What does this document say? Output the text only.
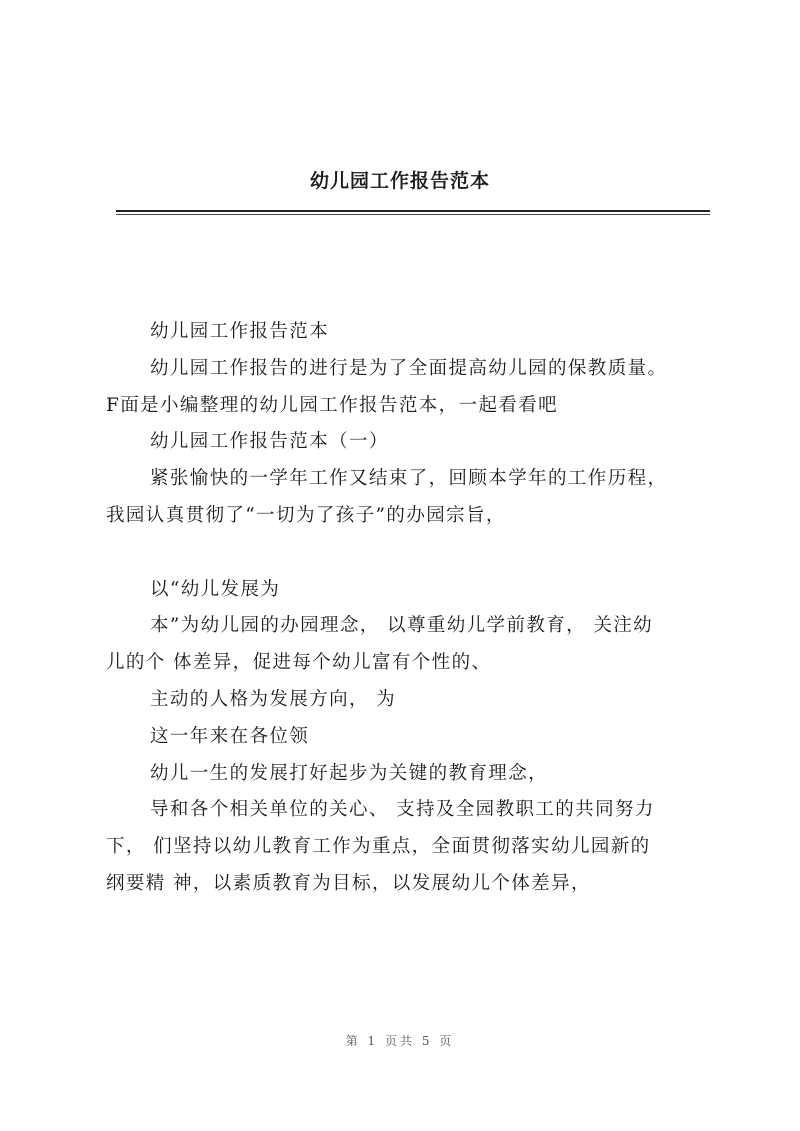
幼儿园工作报告范本

幼儿园工作报告范本

幼儿园工作报告的进行是为了全面提高幼儿园的保教质量。

F面是小编整理的幼儿园工作报告范本，一起看看吧

幼儿园工作报告范本（一）

紧张愉快的一学年工作又结束了，回顾本学年的工作历程，

我园认真贯彻了“一切为了孩子”的办园宗旨，

以“幼儿发展为

本”为幼儿园的办园理念， 以尊重幼儿学前教育， 关注幼

儿的个 体差异，促进每个幼儿富有个性的、

主动的人格为发展方向， 为

这一年来在各位领

幼儿一生的发展打好起步为关键的教育理念，

导和各个相关单位的关心、 支持及全园教职工的共同努力

下， 们坚持以幼儿教育工作为重点，全面贯彻落实幼儿园新的

纲要精 神，以素质教育为目标，以发展幼儿个体差异，

第 1 页共 5 页
